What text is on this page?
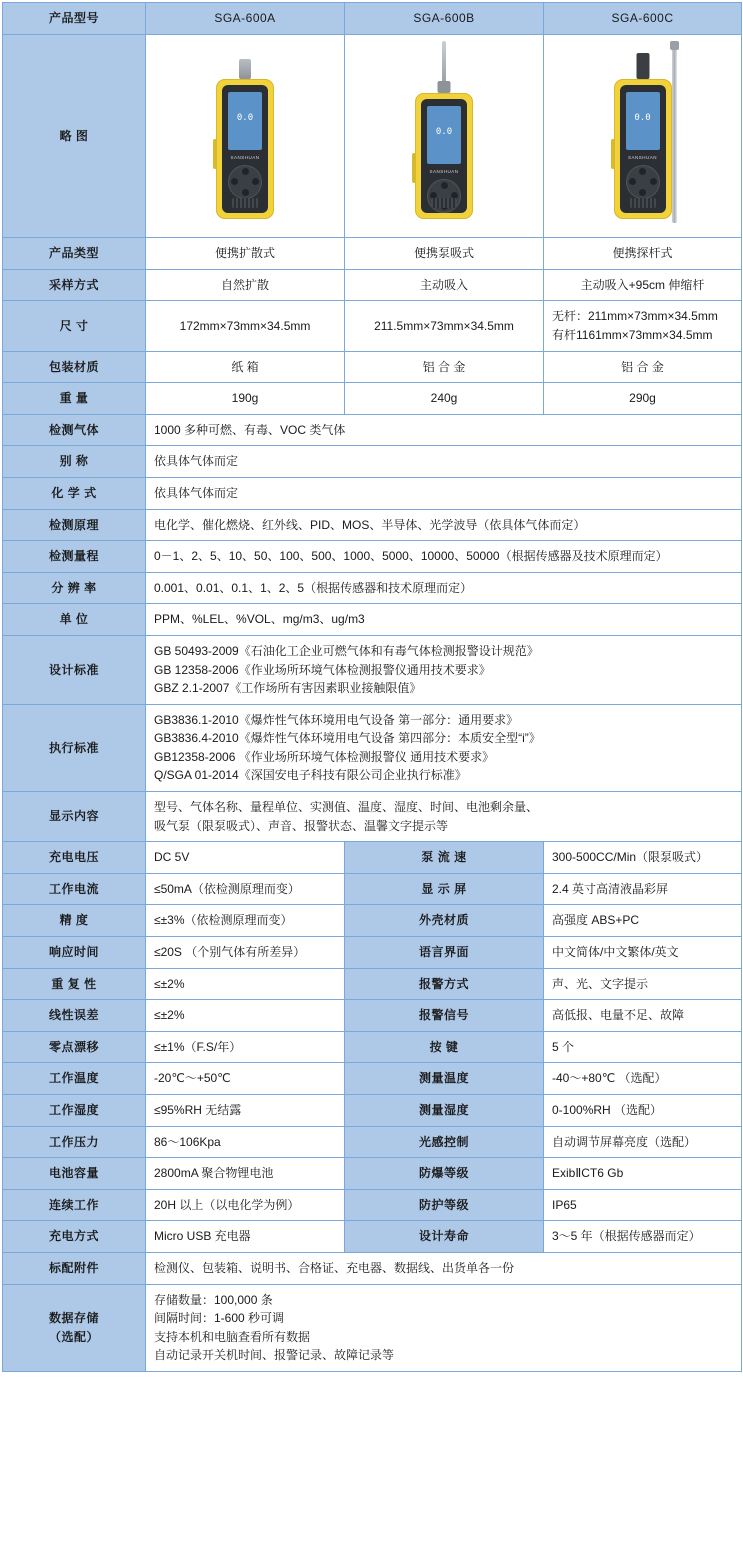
产品型号	SGA-600A	SGA-600B	SGA-600C
略 图	
0.0
SANSHUAN

0.0
SANSHUAN

0.0
SANSHUAN

产品类型	便携扩散式	便携泵吸式	便携探杆式
采样方式	自然扩散	主动吸入	主动吸入+95cm 伸缩杆
尺 寸	172mm×73mm×34.5mm	211.5mm×73mm×34.5mm	无杆：211mm×73mm×34.5mm
有杆1161mm×73mm×34.5mm

包装材质	纸 箱	铝 合 金	铝 合 金
重 量	190g	240g	290g
检测气体	1000 多种可燃、有毒、VOC 类气体		
别 称	依具体气体而定		
化 学 式	依具体气体而定		
检测原理	电化学、催化燃烧、红外线、PID、MOS、半导体、光学波导（依具体气体而定）		
检测量程	0－1、2、5、10、50、100、500、1000、5000、10000、50000（根据传感器及技术原理而定）		
分 辨 率	0.001、0.01、0.1、1、2、5（根据传感器和技术原理而定）		
单 位	PPM、%LEL、%VOL、mg/m3、ug/m3		
设计标准	GB 50493-2009《石油化工企业可燃气体和有毒气体检测报警设计规范》
GB 12358-2006《作业场所环境气体检测报警仪通用技术要求》
GBZ 2.1-2007《工作场所有害因素职业接触限值》		

执行标准	GB3836.1-2010《爆炸性气体环境用电气设备 第一部分：通用要求》
GB3836.4-2010《爆炸性气体环境用电气设备 第四部分：本质安全型“i”》
GB12358-2006 《作业场所环境气体检测报警仪 通用技术要求》
Q/SGA 01-2014《深国安电子科技有限公司企业执行标准》		

显示内容	型号、气体名称、量程单位、实测值、温度、湿度、时间、电池剩余量、
吸气泵（限泵吸式）、声音、报警状态、温馨文字提示等		

充电电压	DC 5V	泵 流 速	300-500CC/Min（限泵吸式）
工作电流	≤50mA（依检测原理而变）	显 示 屏	2.4 英寸高清液晶彩屏
精 度	≤±3%（依检测原理而变）	外壳材质	高强度 ABS+PC
响应时间	≤20S （个别气体有所差异）	语言界面	中文简体/中文繁体/英文
重 复 性	≤±2%	报警方式	声、光、文字提示
线性误差	≤±2%	报警信号	高低报、电量不足、故障
零点漂移	≤±1%（F.S/年）	按 键	5 个
工作温度	-20℃～+50℃	测量温度	-40～+80℃ （选配）
工作湿度	≤95%RH 无结露	测量湿度	0-100%RH （选配）
工作压力	86～106Kpa	光感控制	自动调节屏幕亮度（选配）
电池容量	2800mA 聚合物锂电池	防爆等级	ExibⅡCT6 Gb
连续工作	20H 以上（以电化学为例）	防护等级	IP65
充电方式	Micro USB 充电器	设计寿命	3～5 年（根据传感器而定）
标配附件	检测仪、包装箱、说明书、合格证、充电器、数据线、出货单各一份		

数据存储
（选配）	存储数量：100,000 条
间隔时间：1-600 秒可调
支持本机和电脑查看所有数据
自动记录开关机时间、报警记录、故障记录等		
